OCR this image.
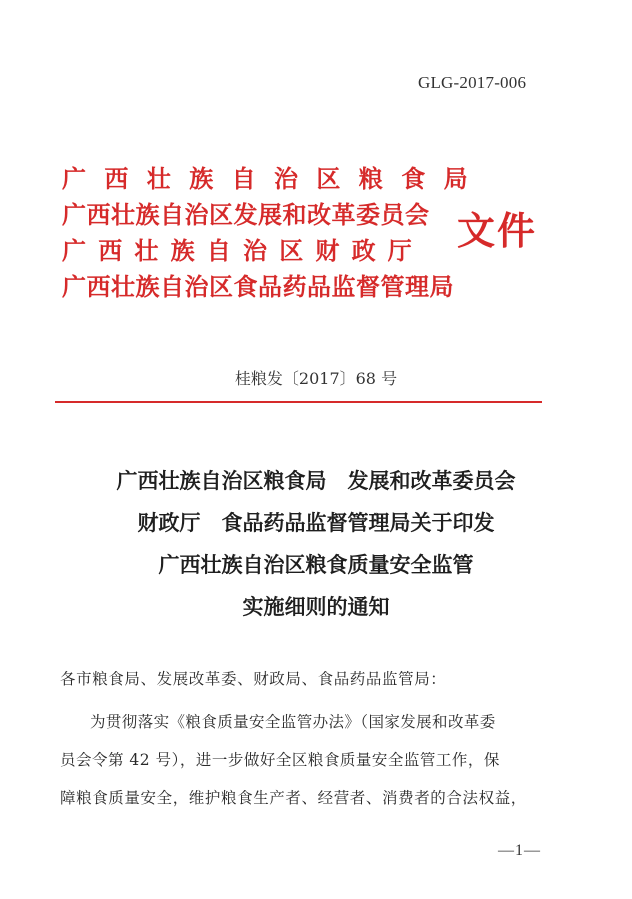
GLG-2017-006
广西壮族自治区粮食局
广西壮族自治区发展和改革委员会
广西壮族自治区财政厅
广西壮族自治区食品药品监督管理局
文件
桂粮发〔2017〕68 号
广西壮族自治区粮食局　发展和改革委员会
财政厅　食品药品监督管理局关于印发
广西壮族自治区粮食质量安全监管
实施细则的通知
各市粮食局、发展改革委、财政局、食品药品监管局：
为贯彻落实《粮食质量安全监管办法》（国家发展和改革委
员会令第 42 号），进一步做好全区粮食质量安全监管工作，保
障粮食质量安全，维护粮食生产者、经营者、消费者的合法权益，
—1—
